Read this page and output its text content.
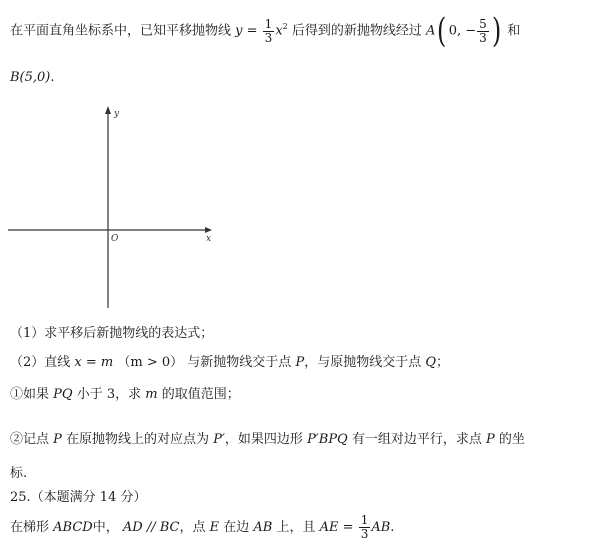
在平面直角坐标系中，已知平移抛物线 $y = \frac{1}{3} x^2$ 后得到的新抛物线经过 A( 0, − $\frac{5}{3}$ ) 和
B(5,0).
y
x
O
（1）求平移后新抛物线的表达式；
（2）直线 x = m （m > 0） 与新抛物线交于点 P，与原抛物线交于点 Q；
①如果 PQ 小于 3，求 m 的取值范围；
②记点 P 在原抛物线上的对应点为 P′，如果四边形 P′BPQ 有一组对边平行，求点 P 的坐
标.
25.（本题满分 14 分）
在梯形 ABCD中， AD // BC，点 E 在边 AB 上，且 AE = $\frac{1}{3}$ AB.
